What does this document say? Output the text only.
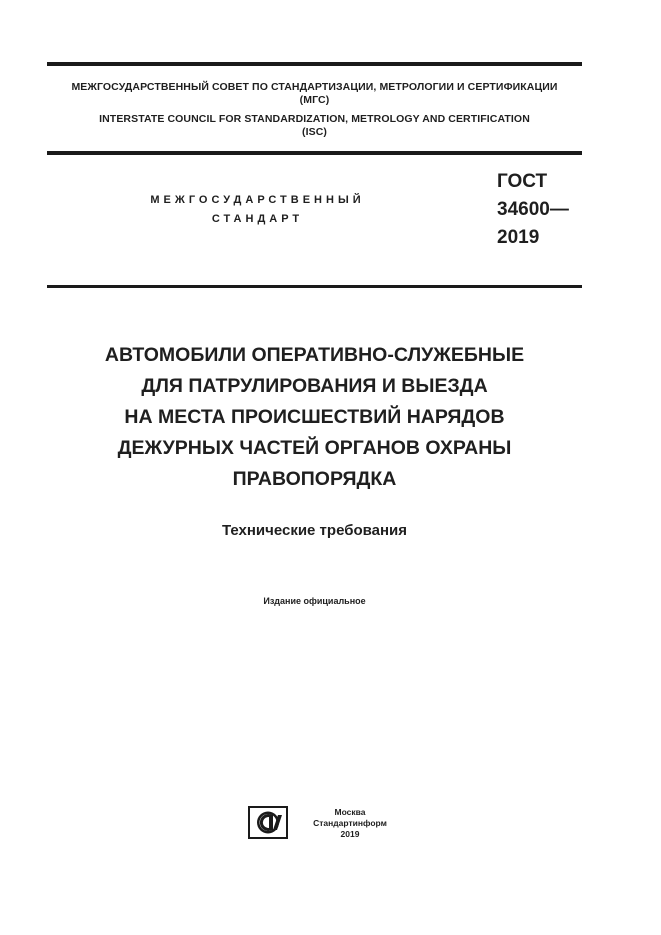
МЕЖГОСУДАРСТВЕННЫЙ СОВЕТ ПО СТАНДАРТИЗАЦИИ, МЕТРОЛОГИИ И СЕРТИФИКАЦИИ
(МГС)
INTERSTATE COUNCIL FOR STANDARDIZATION, METROLOGY AND CERTIFICATION
(ISC)
МЕЖГОСУДАРСТВЕННЫЙ
СТАНДАРТ
ГОСТ
34600—
2019
АВТОМОБИЛИ ОПЕРАТИВНО-СЛУЖЕБНЫЕ
ДЛЯ ПАТРУЛИРОВАНИЯ И ВЫЕЗДА
НА МЕСТА ПРОИСШЕСТВИЙ НАРЯДОВ
ДЕЖУРНЫХ ЧАСТЕЙ ОРГАНОВ ОХРАНЫ
ПРАВОПОРЯДКА
Технические требования
Издание официальное
Москва
Стандартинформ
2019
